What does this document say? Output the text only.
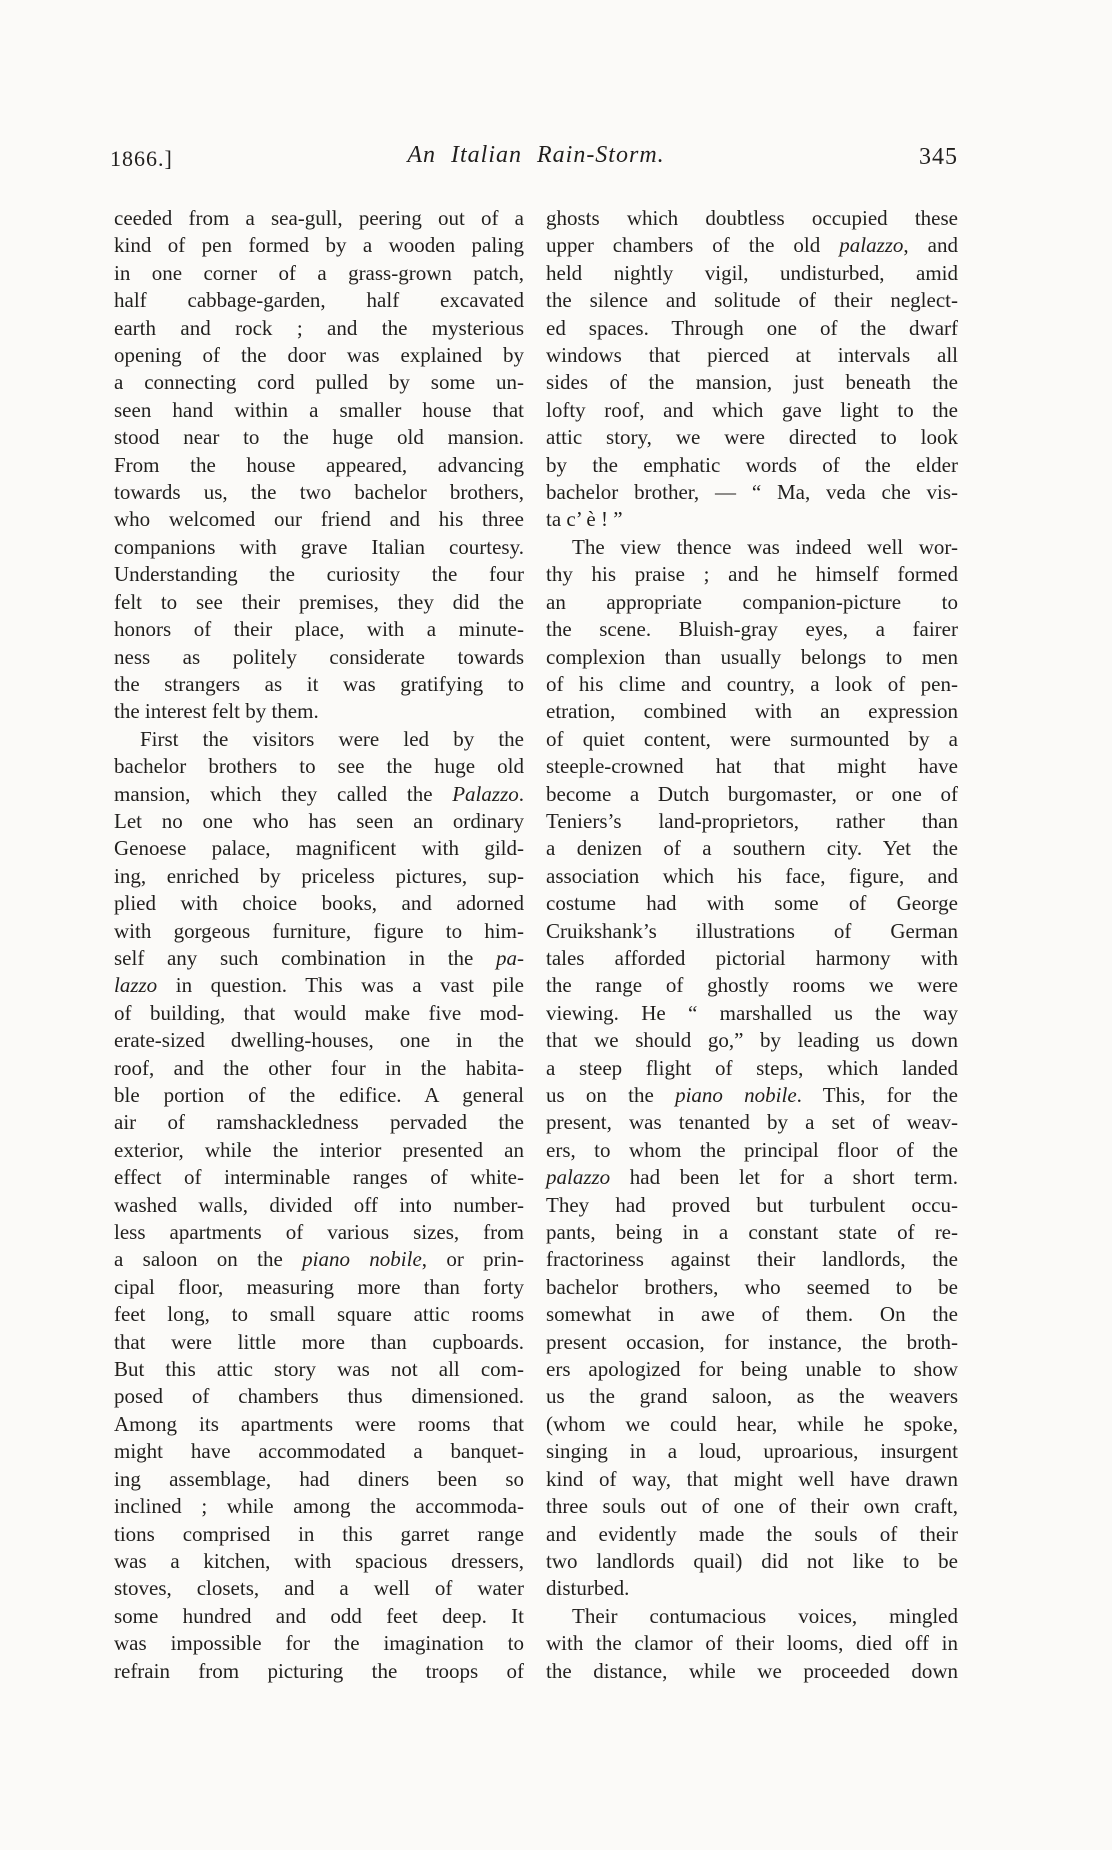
1866.]	An Italian Rain-Storm.	345
ceeded from a sea-gull, peering out of a
kind of pen formed by a wooden paling
in one corner of a grass-grown patch,
half cabbage-garden, half excavated
earth and rock ; and the mysterious
opening of the door was explained by
a connecting cord pulled by some un-
seen hand within a smaller house that
stood near to the huge old mansion.
From the house appeared, advancing
towards us, the two bachelor brothers,
who welcomed our friend and his three
companions with grave Italian courtesy.
Understanding the curiosity the four
felt to see their premises, they did the
honors of their place, with a minute-
ness as politely considerate towards
the strangers as it was gratifying to
the interest felt by them.
First the visitors were led by the
bachelor brothers to see the huge old
mansion, which they called the Palazzo.
Let no one who has seen an ordinary
Genoese palace, magnificent with gild-
ing, enriched by priceless pictures, sup-
plied with choice books, and adorned
with gorgeous furniture, figure to him-
self any such combination in the pa-
lazzo in question. This was a vast pile
of building, that would make five mod-
erate-sized dwelling-houses, one in the
roof, and the other four in the habita-
ble portion of the edifice. A general
air of ramshackledness pervaded the
exterior, while the interior presented an
effect of interminable ranges of white-
washed walls, divided off into number-
less apartments of various sizes, from
a saloon on the piano nobile, or prin-
cipal floor, measuring more than forty
feet long, to small square attic rooms
that were little more than cupboards.
But this attic story was not all com-
posed of chambers thus dimensioned.
Among its apartments were rooms that
might have accommodated a banquet-
ing assemblage, had diners been so
inclined ; while among the accommoda-
tions comprised in this garret range
was a kitchen, with spacious dressers,
stoves, closets, and a well of water
some hundred and odd feet deep. It
was impossible for the imagination to
refrain from picturing the troops of
ghosts which doubtless occupied these
upper chambers of the old palazzo, and
held nightly vigil, undisturbed, amid
the silence and solitude of their neglect-
ed spaces. Through one of the dwarf
windows that pierced at intervals all
sides of the mansion, just beneath the
lofty roof, and which gave light to the
attic story, we were directed to look
by the emphatic words of the elder
bachelor brother, — “ Ma, veda che vis-
ta c’ è ! ”
The view thence was indeed well wor-
thy his praise ; and he himself formed
an appropriate companion-picture to
the scene. Bluish-gray eyes, a fairer
complexion than usually belongs to men
of his clime and country, a look of pen-
etration, combined with an expression
of quiet content, were surmounted by a
steeple-crowned hat that might have
become a Dutch burgomaster, or one of
Teniers’s land-proprietors, rather than
a denizen of a southern city. Yet the
association which his face, figure, and
costume had with some of George
Cruikshank’s illustrations of German
tales afforded pictorial harmony with
the range of ghostly rooms we were
viewing. He “ marshalled us the way
that we should go,” by leading us down
a steep flight of steps, which landed
us on the piano nobile. This, for the
present, was tenanted by a set of weav-
ers, to whom the principal floor of the
palazzo had been let for a short term.
They had proved but turbulent occu-
pants, being in a constant state of re-
fractoriness against their landlords, the
bachelor brothers, who seemed to be
somewhat in awe of them. On the
present occasion, for instance, the broth-
ers apologized for being unable to show
us the grand saloon, as the weavers
(whom we could hear, while he spoke,
singing in a loud, uproarious, insurgent
kind of way, that might well have drawn
three souls out of one of their own craft,
and evidently made the souls of their
two landlords quail) did not like to be
disturbed.
Their contumacious voices, mingled
with the clamor of their looms, died off in
the distance, while we proceeded down
